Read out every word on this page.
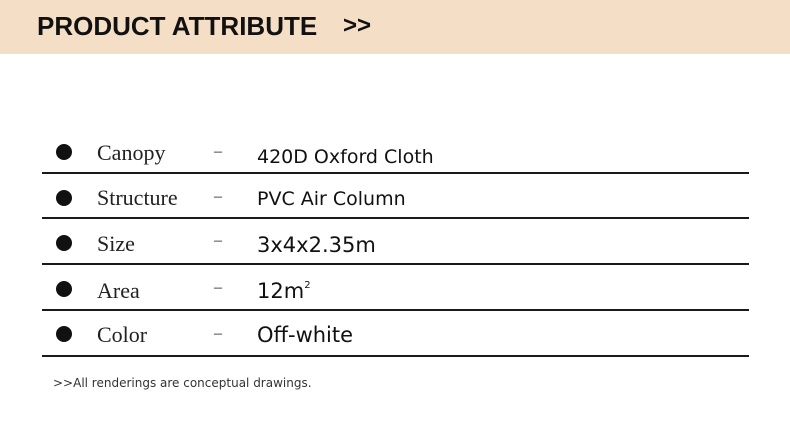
PRODUCT ATTRIBUTE >>
Canopy	– 420D Oxford Cloth
Structure – PVC Air Column
Size	– 3x4x2.35m
Area	– $12m^2$
Color	– Off-white
>>All renderings are conceptual drawings.
